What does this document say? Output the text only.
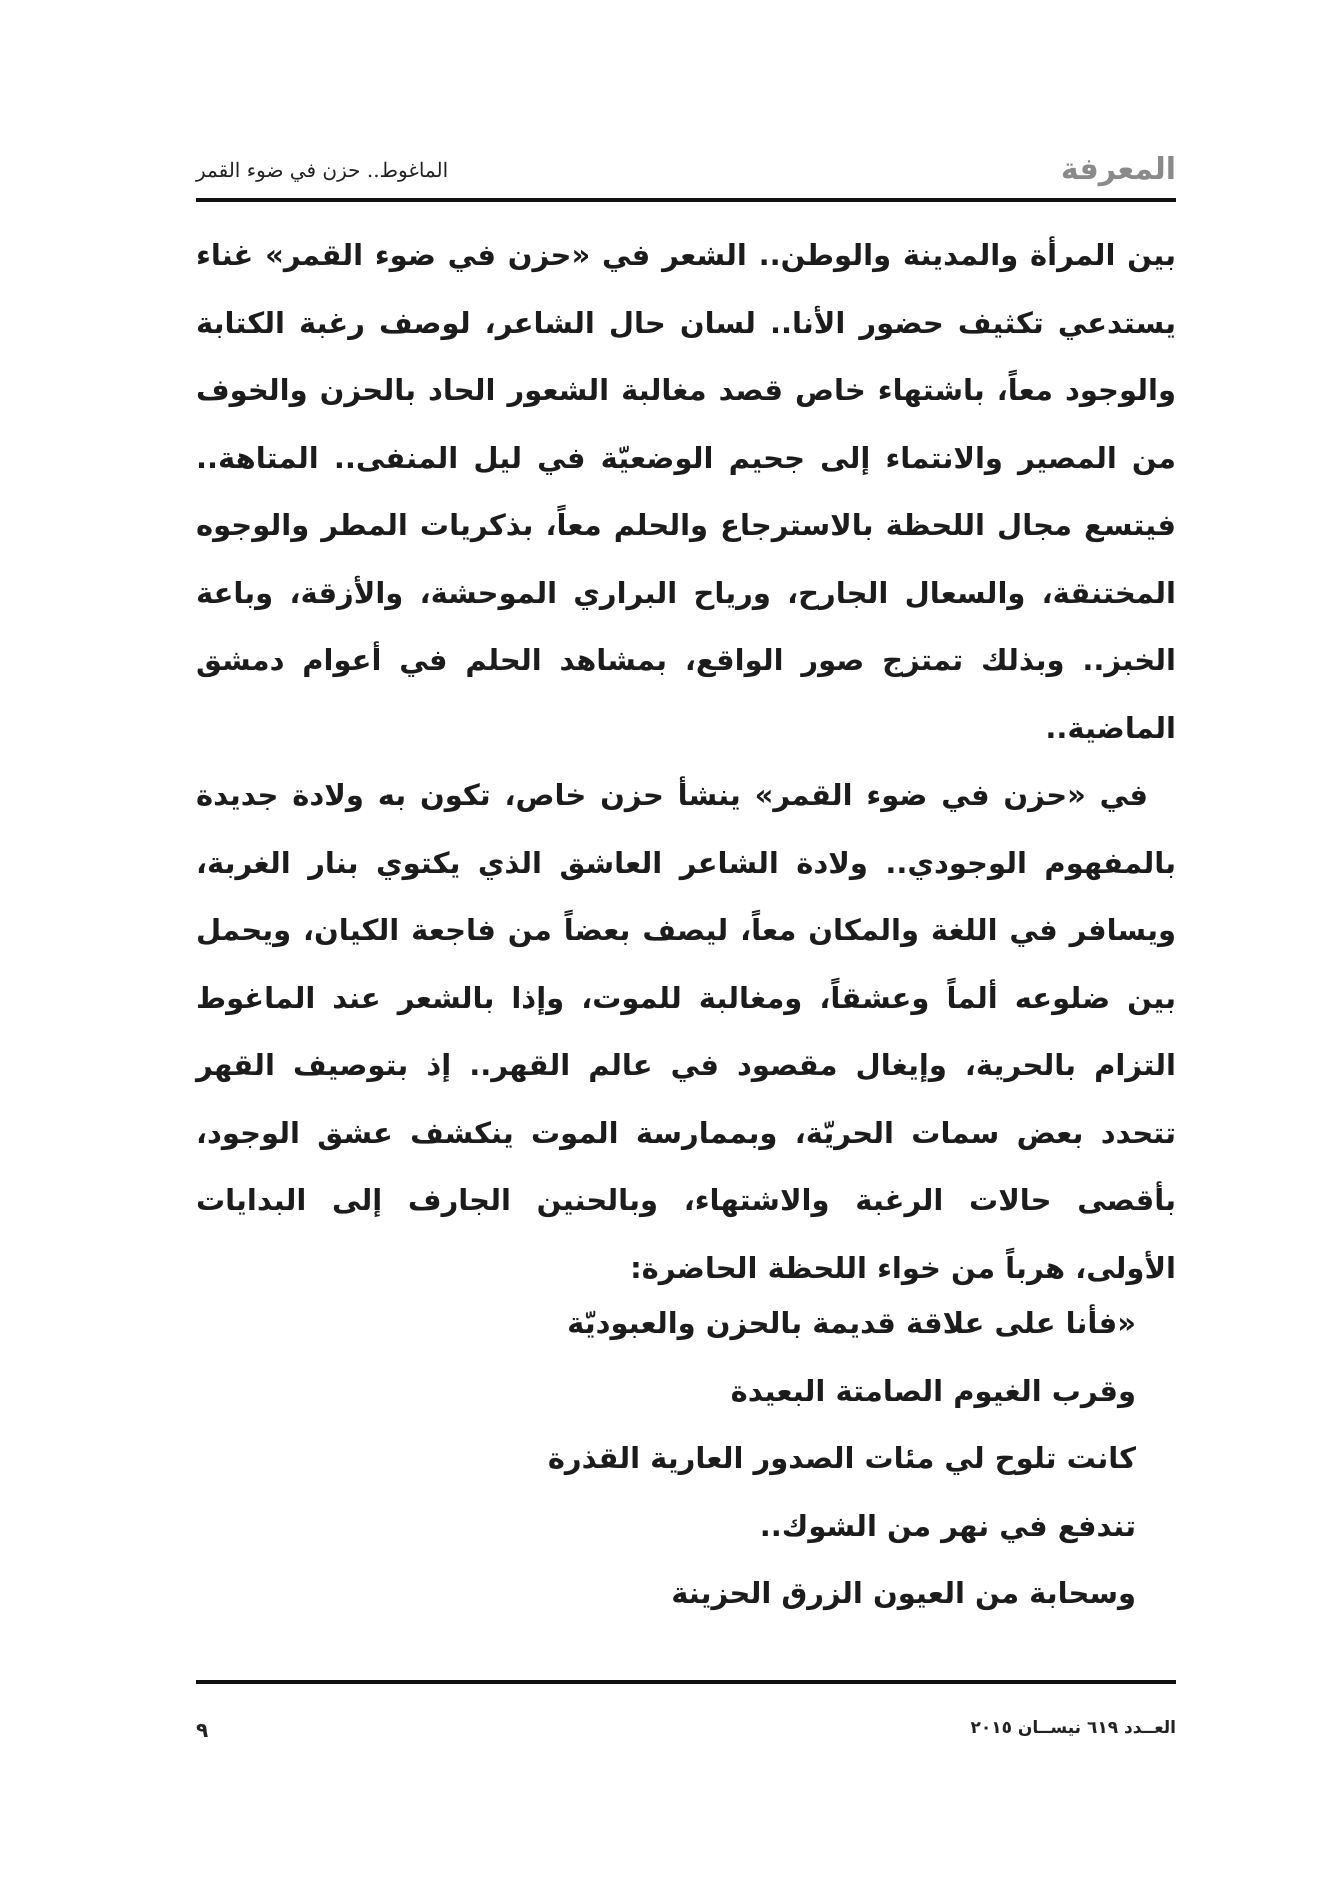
المعرفة
الماغوط.. حزن في ضوء القمر

بين المرأة والمدينة والوطن.. الشعر في «حزن في ضوء القمر» غناء يستدعي تكثيف حضور الأنا.. لسان حال الشاعر، لوصف رغبة الكتابة والوجود معاً، باشتهاء خاص قصد مغالبة الشعور الحاد بالحزن والخوف من المصير والانتماء إلى جحيم الوضعيّة في ليل المنفى.. المتاهة.. فيتسع مجال اللحظة بالاسترجاع والحلم معاً، بذكريات المطر والوجوه المختنقة، والسعال الجارح، ورياح البراري الموحشة، والأزقة، وباعة الخبز.. وبذلك تمتزج صور الواقع، بمشاهد الحلم في أعوام دمشق الماضية..

في «حزن في ضوء القمر» ينشأ حزن خاص، تكون به ولادة جديدة بالمفهوم الوجودي.. ولادة الشاعر العاشق الذي يكتوي بنار الغربة، ويسافر في اللغة والمكان معاً، ليصف بعضاً من فاجعة الكيان، ويحمل بين ضلوعه ألماً وعشقاً، ومغالبة للموت، وإذا بالشعر عند الماغوط التزام بالحرية، وإيغال مقصود في عالم القهر.. إذ بتوصيف القهر تتحدد بعض سمات الحريّة، وبممارسة الموت ينكشف عشق الوجود، بأقصى حالات الرغبة والاشتهاء، وبالحنين الجارف إلى البدايات الأولى، هرباً من خواء اللحظة الحاضرة:

«فأنا على علاقة قديمة بالحزن والعبوديّة
وقرب الغيوم الصامتة البعيدة
كانت تلوح لي مئات الصدور العارية القذرة
تندفع في نهر من الشوك..
وسحابة من العيون الزرق الحزينة
العــدد ٦١٩ نيســان ٢٠١٥
٩
